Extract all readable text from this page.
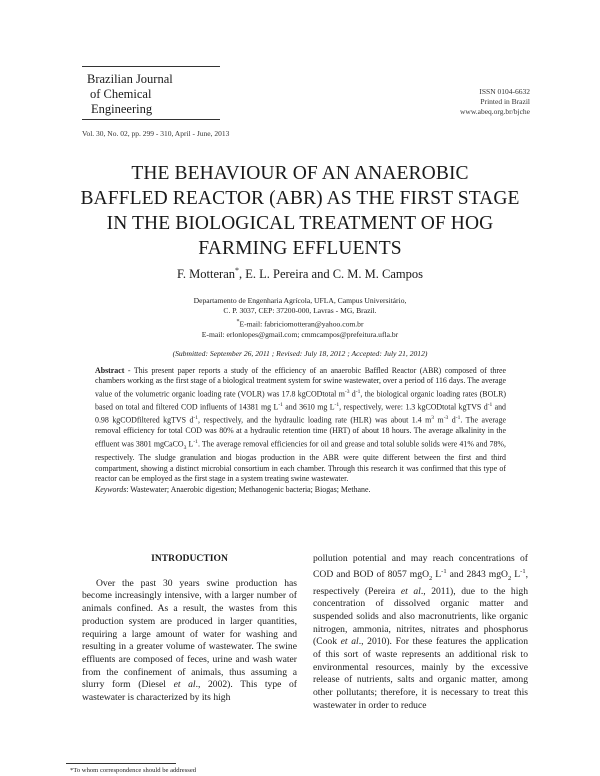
Brazilian Journal
of Chemical
Engineering
ISSN 0104-6632
Printed in Brazil
www.abeq.org.br/bjche
Vol. 30, No. 02, pp. 299 - 310, April - June, 2013
THE BEHAVIOUR OF AN ANAEROBIC
BAFFLED REACTOR (ABR) AS THE FIRST STAGE
IN THE BIOLOGICAL TREATMENT OF HOG
FARMING EFFLUENTS
F. Motteran*, E. L. Pereira and C. M. M. Campos
Departamento de Engenharia Agrícola, UFLA, Campus Universitário,
C. P. 3037, CEP: 37200-000, Lavras - MG, Brazil.
*E-mail: fabriciomotteran@yahoo.com.br
E-mail: erlonlopes@gmail.com; cmmcampos@prefeitura.ufla.br
(Submitted: September 26, 2011 ; Revised: July 18, 2012 ; Accepted: July 21, 2012)
Abstract - This present paper reports a study of the efficiency of an anaerobic Baffled Reactor (ABR) composed of three chambers working as the first stage of a biological treatment system for swine wastewater, over a period of 116 days. The average value of the volumetric organic loading rate (VOLR) was 17.8 kgCODtotal $m^{-3}$ $d^{-1}$, the biological organic loading rates (BOLR) based on total and filtered COD influents of 14381 mg $L^{-1}$ and 3610 mg $L^{-1}$, respectively, were: 1.3 kgCODtotal kgTVS $d^{-1}$ and 0.98 kgCODfiltered kgTVS $d^{-1}$, respectively, and the hydraulic loading rate (HLR) was about 1.4 $m^3$ $m^{-3}$ $d^{-1}$. The average removal efficiency for total COD was 80% at a hydraulic retention time (HRT) of about 18 hours. The average alkalinity in the effluent was 3801 mgCaCO$_3$ $L^{-1}$. The average removal efficiencies for oil and grease and total soluble solids were 41% and 78%, respectively. The sludge granulation and biogas production in the ABR were quite different between the first and third compartment, showing a distinct microbial consortium in each chamber. Through this research it was confirmed that this type of reactor can be employed as the first stage in a system treating swine wastewater.
Keywords: Wastewater; Anaerobic digestion; Methanogenic bacteria; Biogas; Methane.
INTRODUCTION

Over the past 30 years swine production has become increasingly intensive, with a larger number of animals confined. As a result, the wastes from this production system are produced in larger quantities, requiring a large amount of water for washing and resulting in a greater volume of wastewater. The swine effluents are composed of feces, urine and wash water from the confinement of animals, thus assuming a slurry form (Diesel et al., 2002). This type of wastewater is characterized by its high

pollution potential and may reach concentrations of COD and BOD of 8057 mgO$_2$ $L^{-1}$ and 2843 mgO$_2$ $L^{-1}$, respectively (Pereira et al., 2011), due to the high concentration of dissolved organic matter and suspended solids and also macronutrients, like organic nitrogen, ammonia, nitrites, nitrates and phosphorus (Cook et al., 2010). For these features the application of this sort of waste represents an additional risk to environmental resources, mainly by the excessive release of nutrients, salts and organic matter, among other pollutants; therefore, it is necessary to treat this wastewater in order to reduce

*To whom correspondence should be addressed
